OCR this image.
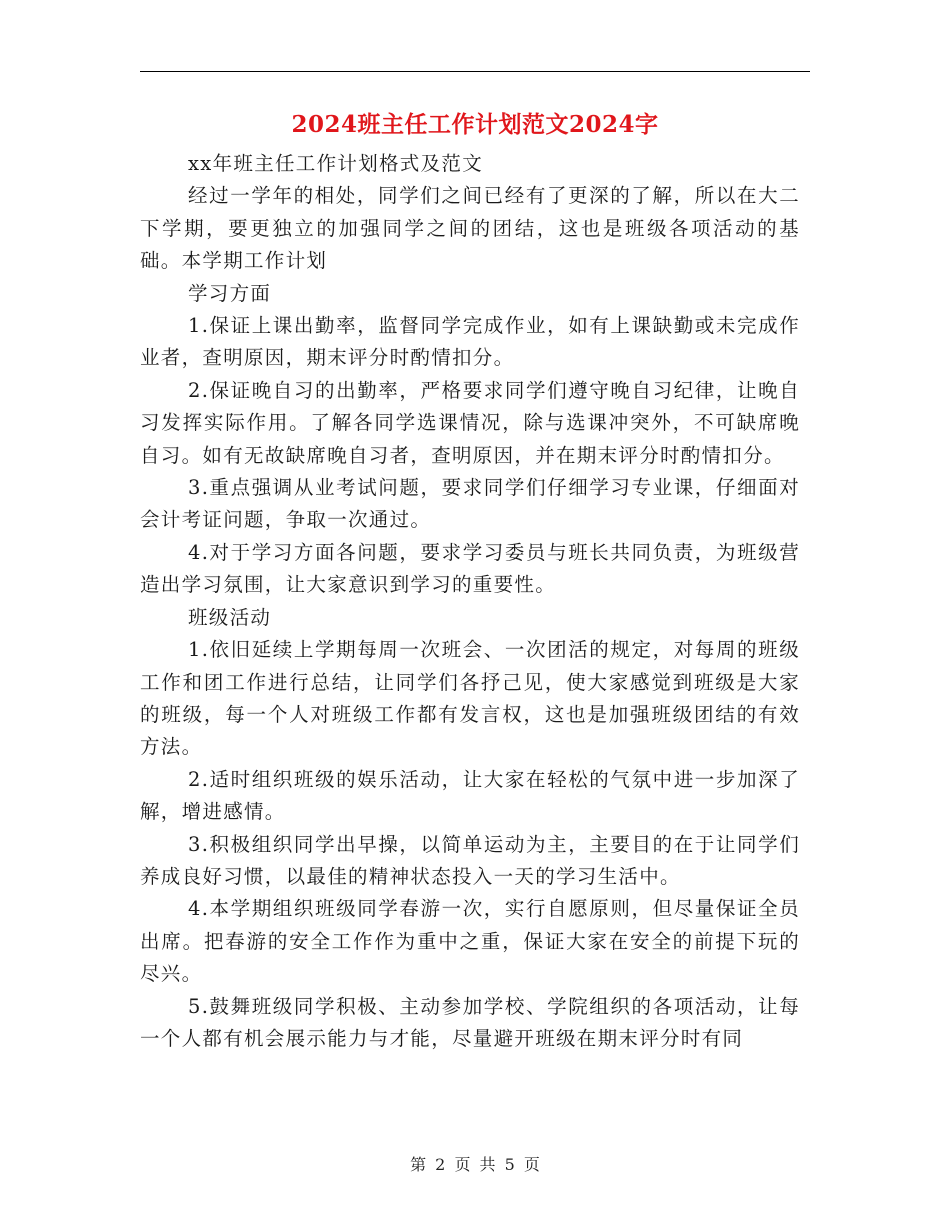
2024班主任工作计划范文2024字

xx年班主任工作计划格式及范文

经过一学年的相处，同学们之间已经有了更深的了解，所以在大二下学期，要更独立的加强同学之间的团结，这也是班级各项活动的基础。本学期工作计划

学习方面

1.保证上课出勤率，监督同学完成作业，如有上课缺勤或未完成作业者，查明原因，期末评分时酌情扣分。

2.保证晚自习的出勤率，严格要求同学们遵守晚自习纪律，让晚自习发挥实际作用。了解各同学选课情况，除与选课冲突外，不可缺席晚自习。如有无故缺席晚自习者，查明原因，并在期末评分时酌情扣分。

3.重点强调从业考试问题，要求同学们仔细学习专业课，仔细面对会计考证问题，争取一次通过。

4.对于学习方面各问题，要求学习委员与班长共同负责，为班级营造出学习氛围，让大家意识到学习的重要性。

班级活动

1.依旧延续上学期每周一次班会、一次团活的规定，对每周的班级工作和团工作进行总结，让同学们各抒己见，使大家感觉到班级是大家的班级，每一个人对班级工作都有发言权，这也是加强班级团结的有效方法。

2.适时组织班级的娱乐活动，让大家在轻松的气氛中进一步加深了解，增进感情。

3.积极组织同学出早操，以简单运动为主，主要目的在于让同学们养成良好习惯，以最佳的精神状态投入一天的学习生活中。

4.本学期组织班级同学春游一次，实行自愿原则，但尽量保证全员出席。把春游的安全工作作为重中之重，保证大家在安全的前提下玩的尽兴。

5.鼓舞班级同学积极、主动参加学校、学院组织的各项活动，让每一个人都有机会展示能力与才能，尽量避开班级在期末评分时有同

第 2 页 共 5 页
